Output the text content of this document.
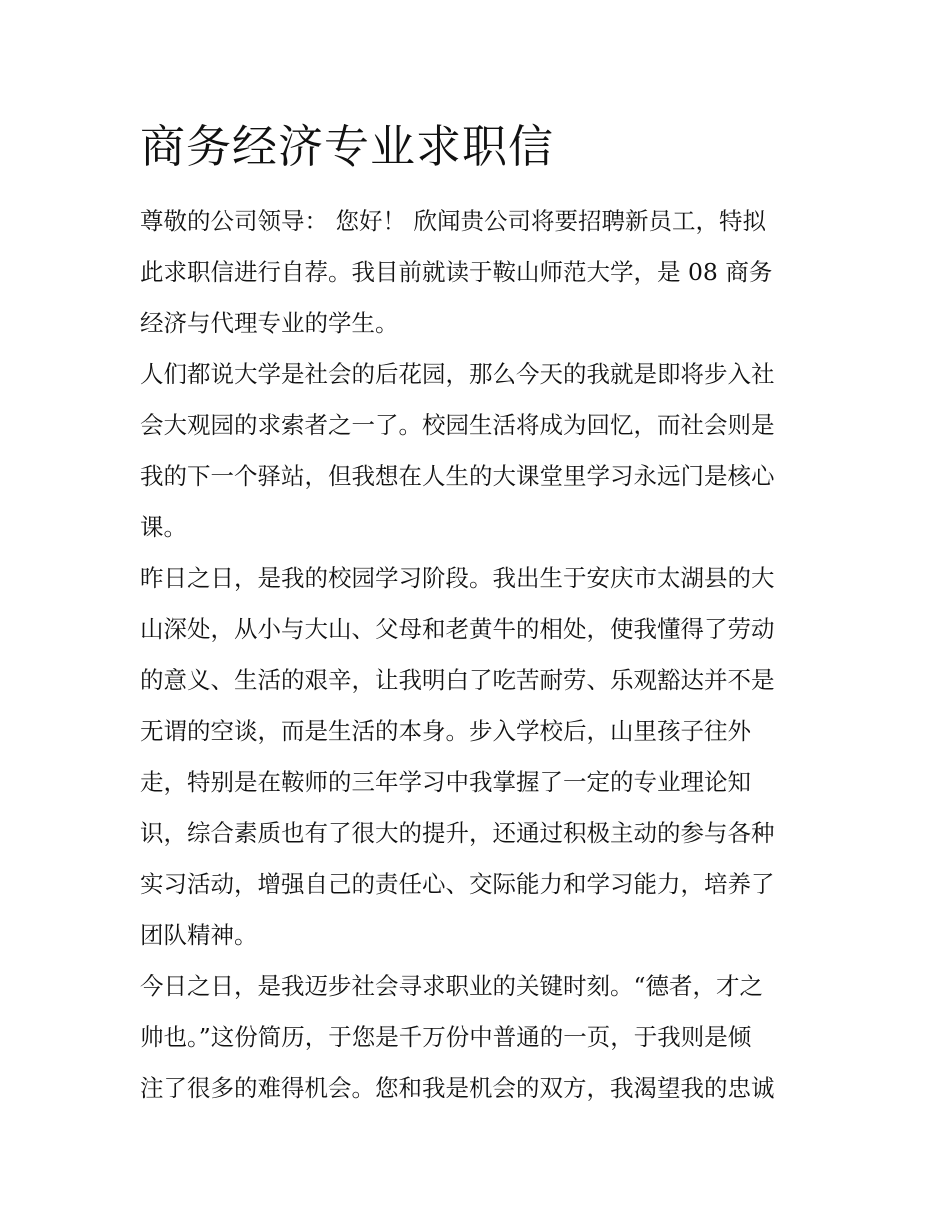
商务经济专业求职信
尊敬的公司领导： 您好！ 欣闻贵公司将要招聘新员工，特拟
此求职信进行自荐。我目前就读于鞍山师范大学，是 08 商务
经济与代理专业的学生。
人们都说大学是社会的后花园，那么今天的我就是即将步入社
会大观园的求索者之一了。校园生活将成为回忆，而社会则是
我的下一个驿站，但我想在人生的大课堂里学习永远门是核心
课。
昨日之日，是我的校园学习阶段。我出生于安庆市太湖县的大
山深处，从小与大山、父母和老黄牛的相处，使我懂得了劳动
的意义、生活的艰辛，让我明白了吃苦耐劳、乐观豁达并不是
无谓的空谈，而是生活的本身。步入学校后，山里孩子往外
走，特别是在鞍师的三年学习中我掌握了一定的专业理论知
识，综合素质也有了很大的提升，还通过积极主动的参与各种
实习活动，增强自己的责任心、交际能力和学习能力，培养了
团队精神。
今日之日，是我迈步社会寻求职业的关键时刻。“德者，才之
帅也。”这份简历，于您是千万份中普通的一页，于我则是倾
注了很多的难得机会。您和我是机会的双方，我渴望我的忠诚
